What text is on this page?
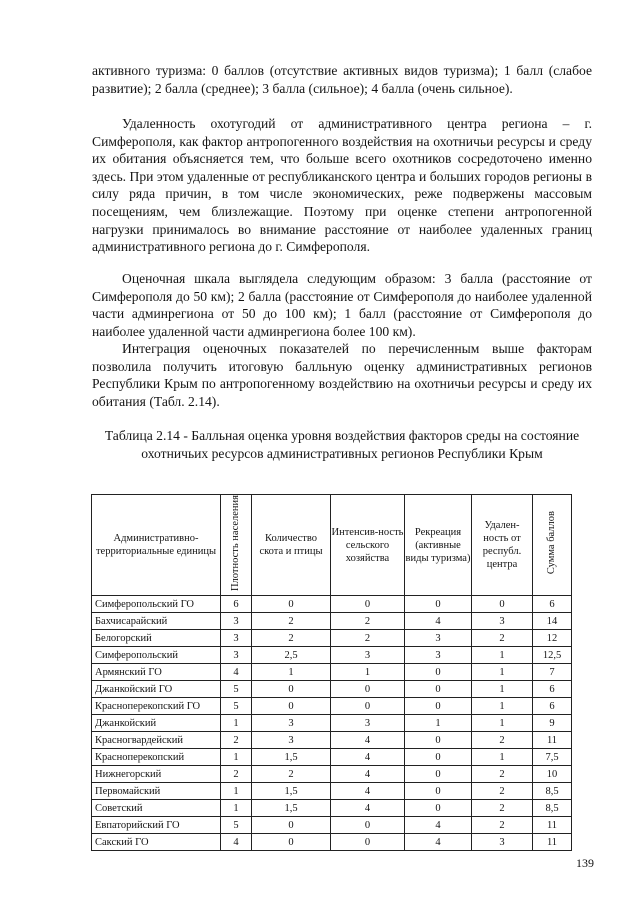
активного туризма: 0 баллов (отсутствие активных видов туризма); 1 балл (слабое развитие); 2 балла (среднее); 3 балла (сильное); 4 балла (очень сильное).

Удаленность охотугодий от административного центра региона – г. Симферополя, как фактор антропогенного воздействия на охотничьи ресурсы и среду их обитания объясняется тем, что больше всего охотников сосредоточено именно здесь. При этом удаленные от республиканского центра и больших городов регионы в силу ряда причин, в том числе экономических, реже подвержены массовым посещениям, чем близлежащие. Поэтому при оценке степени антропогенной нагрузки принималось во внимание расстояние от наиболее удаленных границ административного региона до г. Симферополя.

Оценочная шкала выглядела следующим образом: 3 балла (расстояние от Симферополя до 50 км); 2 балла (расстояние от Симферополя до наиболее удаленной части админрегиона от 50 до 100 км); 1 балл (расстояние от Симферополя до наиболее удаленной части админрегиона более 100 км).

Интеграция оценочных показателей по перечисленным выше факторам позволила получить итоговую балльную оценку административных регионов Республики Крым по антропогенному воздействию на охотничьи ресурсы и среду их обитания (Табл. 2.14).

Таблица 2.14 - Балльная оценка уровня воздействия факторов среды на состояние охотничьих ресурсов административных регионов Республики Крым

Административно-территориальные единицы	Плотность населения	Количество скота и птицы	Интенсив-ность сельского хозяйства	Рекреация (активные виды туризма)	Удален-ность от республ. центра	Сумма баллов
Симферопольский ГО	6	0	0	0	0	6
Бахчисарайский	3	2	2	4	3	14
Белогорский	3	2	2	3	2	12
Симферопольский	3	2,5	3	3	1	12,5
Армянский ГО	4	1	1	0	1	7
Джанкойский ГО	5	0	0	0	1	6
Красноперекопский ГО	5	0	0	0	1	6
Джанкойский	1	3	3	1	1	9
Красногвардейский	2	3	4	0	2	11
Красноперекопский	1	1,5	4	0	1	7,5
Нижнегорский	2	2	4	0	2	10
Первомайский	1	1,5	4	0	2	8,5
Советский	1	1,5	4	0	2	8,5
Евпаторийский ГО	5	0	0	4	2	11
Сакский ГО	4	0	0	4	3	11
139
